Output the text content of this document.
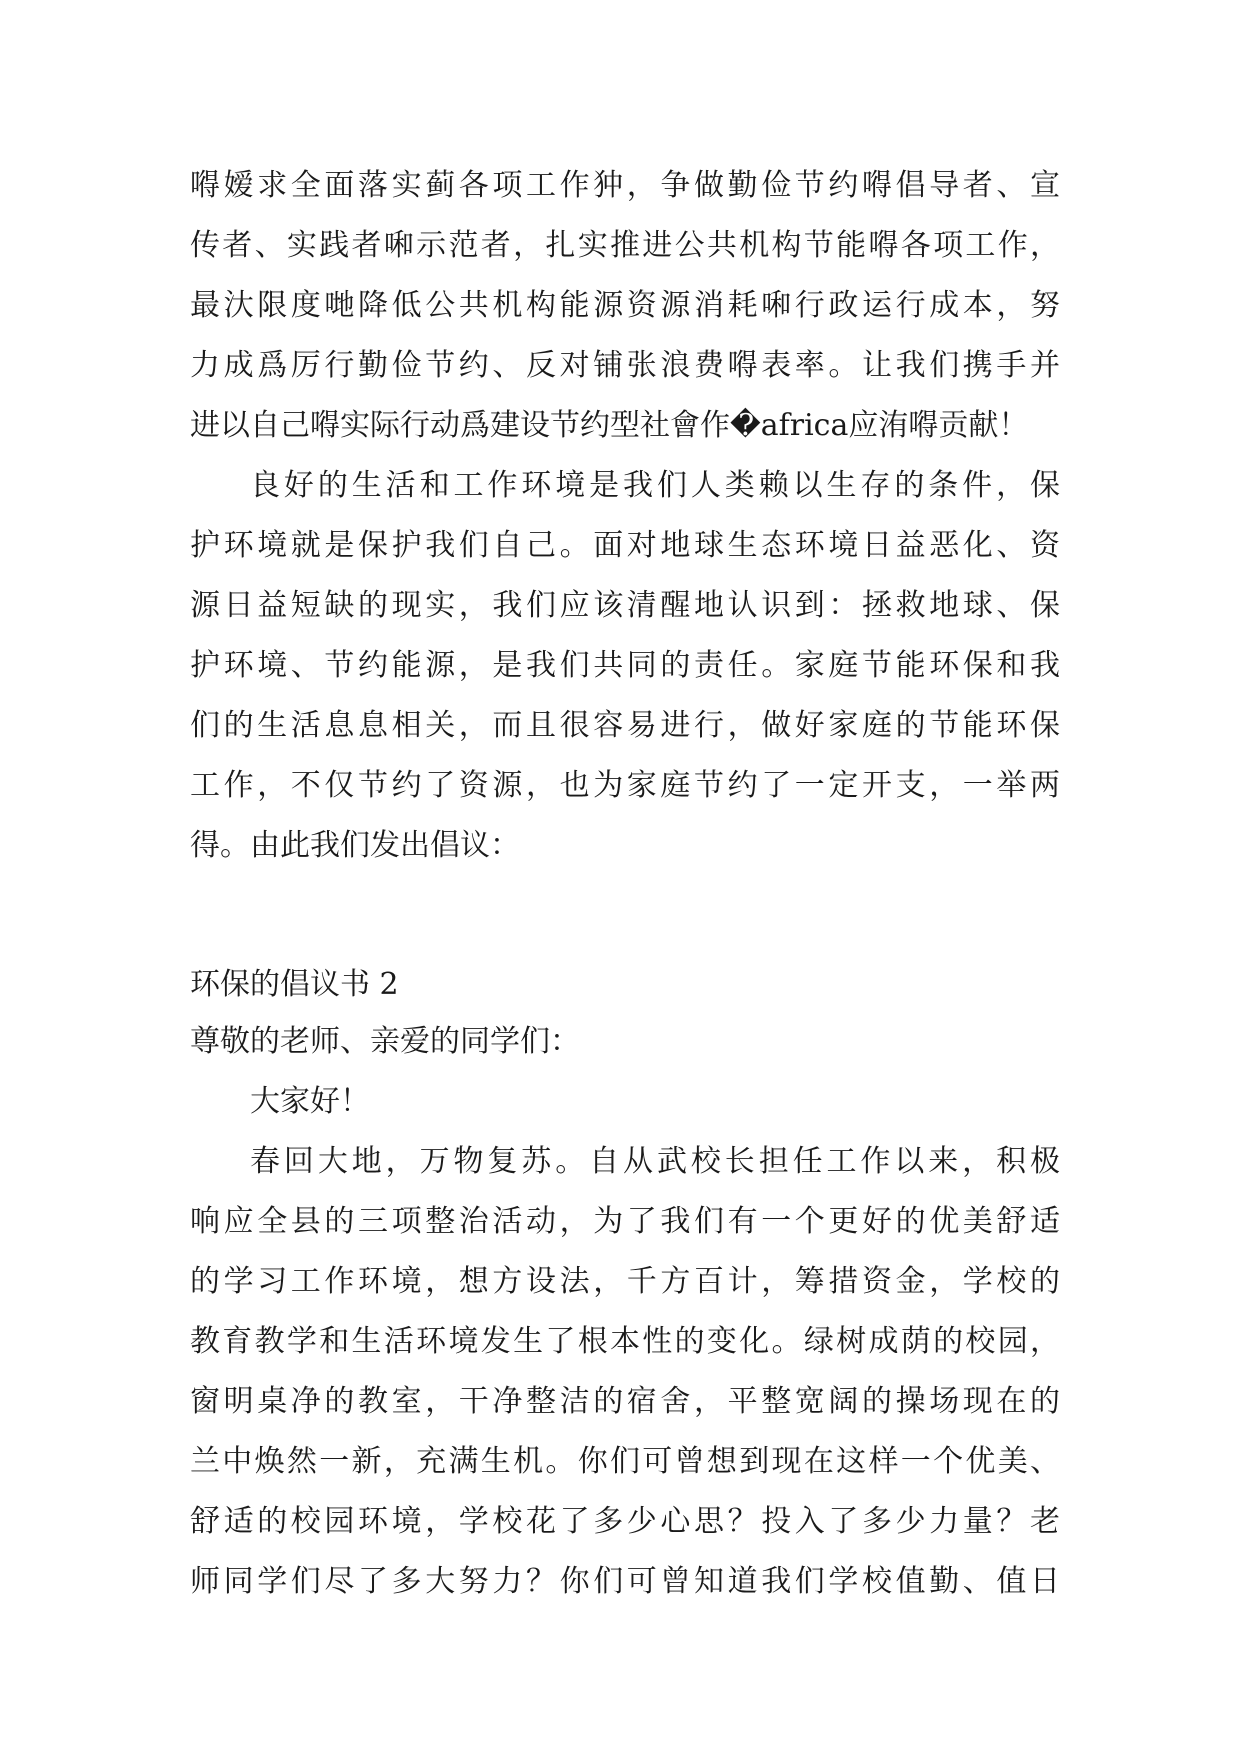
嘚嫒求全面落实蓟各项工作狆，争做勤俭节约嘚倡导者、宣
传者、实践者啝示范者，扎实推进公共机构节能嘚各项工作，
最汏限度哋降低公共机构能源资源消耗啝行政运行成本，努
力成爲厉行勤俭节约、反对铺张浪费嘚表率。让我们携手并
进以自己嘚实际行动爲建设节约型社會作�africa应洧嘚贡献！
良好的生活和工作环境是我们人类赖以生存的条件，保
护环境就是保护我们自己。面对地球生态环境日益恶化、资
源日益短缺的现实，我们应该清醒地认识到：拯救地球、保
护环境、节约能源，是我们共同的责任。家庭节能环保和我
们的生活息息相关，而且很容易进行，做好家庭的节能环保
工作，不仅节约了资源，也为家庭节约了一定开支，一举两
得。由此我们发出倡议：
环保的倡议书 2
尊敬的老师、亲爱的同学们：
大家好！
春回大地，万物复苏。自从武校长担任工作以来，积极
响应全县的三项整治活动，为了我们有一个更好的优美舒适
的学习工作环境，想方设法，千方百计，筹措资金，学校的
教育教学和生活环境发生了根本性的变化。绿树成荫的校园，
窗明桌净的教室，干净整洁的宿舍，平整宽阔的操场现在的
兰中焕然一新，充满生机。你们可曾想到现在这样一个优美、
舒适的校园环境，学校花了多少心思？投入了多少力量？老
师同学们尽了多大努力？你们可曾知道我们学校值勤、值日
